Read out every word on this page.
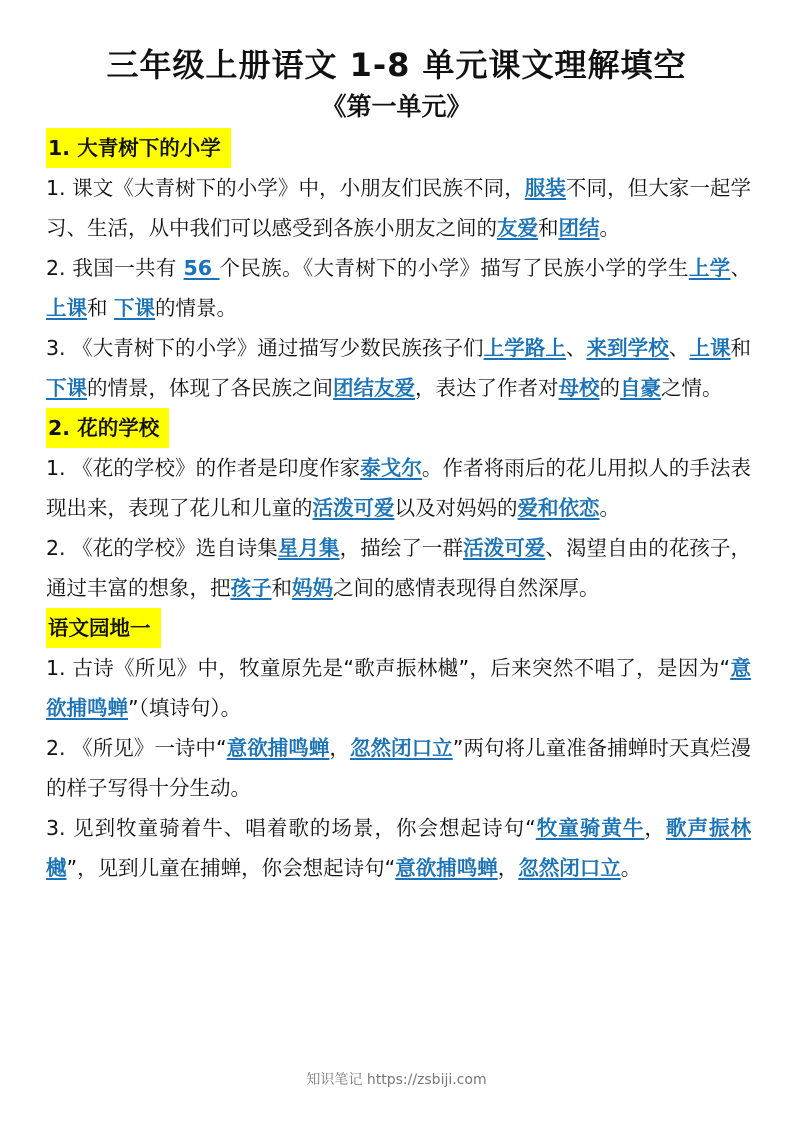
三年级上册语文 1-8 单元课文理解填空
《第一单元》
1. 大青树下的小学

1. 课文《大青树下的小学》中，小朋友们民族不同，服装不同，但大家一起学习、生活，从中我们可以感受到各族小朋友之间的友爱和团结。

2. 我国一共有 56 个民族。《大青树下的小学》描写了民族小学的学生上学、上课和 下课的情景。

3. 《大青树下的小学》通过描写少数民族孩子们上学路上、来到学校、上课和下课的情景，体现了各民族之间团结友爱，表达了作者对母校的自豪之情。

2. 花的学校

1. 《花的学校》的作者是印度作家泰戈尔。作者将雨后的花儿用拟人的手法表现出来，表现了花儿和儿童的活泼可爱以及对妈妈的爱和依恋。

2. 《花的学校》选自诗集星月集，描绘了一群活泼可爱、渴望自由的花孩子，通过丰富的想象，把孩子和妈妈之间的感情表现得自然深厚。

语文园地一

1. 古诗《所见》中，牧童原先是“歌声振林樾”，后来突然不唱了，是因为“意欲捕鸣蝉”（填诗句）。

2. 《所见》一诗中“意欲捕鸣蝉，忽然闭口立”两句将儿童准备捕蝉时天真烂漫的样子写得十分生动。

3. 见到牧童骑着牛、唱着歌的场景，你会想起诗句“牧童骑黄牛，歌声振林樾”，见到儿童在捕蝉，你会想起诗句“意欲捕鸣蝉，忽然闭口立。

知识笔记 https://zsbiji.com
